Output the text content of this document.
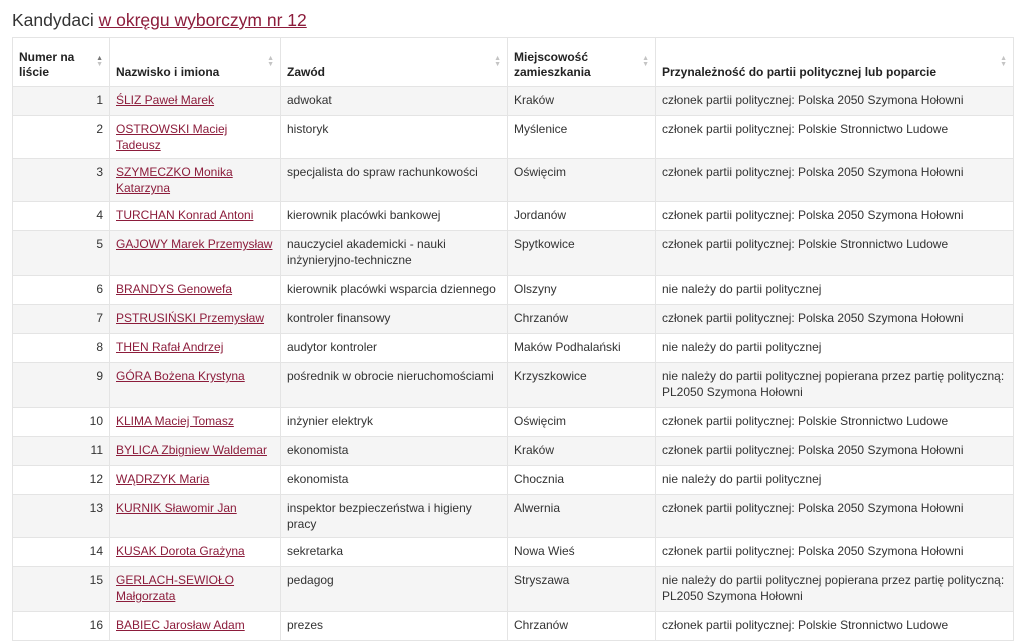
Kandydaci w okręgu wyborczym nr 12
Numer na liście
▲
▼	Nazwisko i imiona
▲
▼	Zawód
▲
▼	Miejscowość zamieszkania
▲
▼	Przynależność do partii politycznej lub poparcie
▲
▼

1	ŚLIZ Paweł Marek	adwokat	Kraków	członek partii politycznej: Polska 2050 Szymona Hołowni
2	OSTROWSKI Maciej Tadeusz	historyk	Myślenice	członek partii politycznej: Polskie Stronnictwo Ludowe
3	SZYMECZKO Monika Katarzyna	specjalista do spraw rachunkowości	Oświęcim	członek partii politycznej: Polska 2050 Szymona Hołowni
4	TURCHAN Konrad Antoni	kierownik placówki bankowej	Jordanów	członek partii politycznej: Polska 2050 Szymona Hołowni
5	GAJOWY Marek Przemysław	nauczyciel akademicki - nauki inżynieryjno-techniczne	Spytkowice	członek partii politycznej: Polskie Stronnictwo Ludowe
6	BRANDYS Genowefa	kierownik placówki wsparcia dziennego	Olszyny	nie należy do partii politycznej
7	PSTRUSIŃSKI Przemysław	kontroler finansowy	Chrzanów	członek partii politycznej: Polska 2050 Szymona Hołowni
8	THEN Rafał Andrzej	audytor kontroler	Maków Podhalański	nie należy do partii politycznej
9	GÓRA Bożena Krystyna	pośrednik w obrocie nieruchomościami	Krzyszkowice	nie należy do partii politycznej popierana przez partię polityczną: PL2050 Szymona Hołowni
10	KLIMA Maciej Tomasz	inżynier elektryk	Oświęcim	członek partii politycznej: Polskie Stronnictwo Ludowe
11	BYLICA Zbigniew Waldemar	ekonomista	Kraków	członek partii politycznej: Polska 2050 Szymona Hołowni
12	WĄDRZYK Maria	ekonomista	Chocznia	nie należy do partii politycznej
13	KURNIK Sławomir Jan	inspektor bezpieczeństwa i higieny pracy	Alwernia	członek partii politycznej: Polska 2050 Szymona Hołowni
14	KUSAK Dorota Grażyna	sekretarka	Nowa Wieś	członek partii politycznej: Polska 2050 Szymona Hołowni
15	GERLACH-SEWIOŁO Małgorzata	pedagog	Stryszawa	nie należy do partii politycznej popierana przez partię polityczną: PL2050 Szymona Hołowni
16	BABIEC Jarosław Adam	prezes	Chrzanów	członek partii politycznej: Polskie Stronnictwo Ludowe
